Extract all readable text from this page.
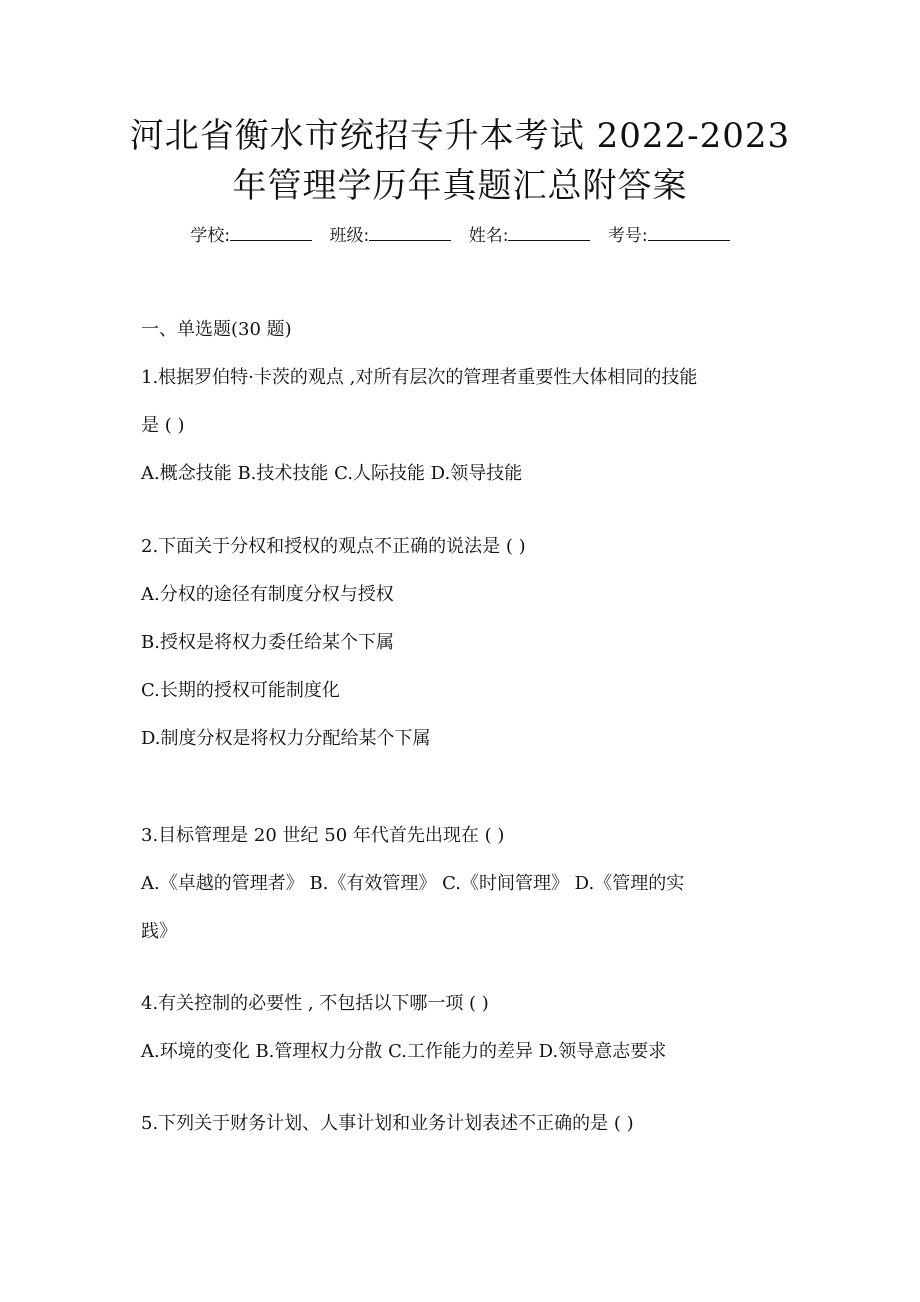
河北省衡水市统招专升本考试 2022-2023
年管理学历年真题汇总附答案
学校:	班级:	姓名:	考号:
一、单选题(30 题)
1.根据罗伯特·卡茨的观点 ,对所有层次的管理者重要性大体相同的技能
是 ( )
A.概念技能 B.技术技能 C.人际技能 D.领导技能
2.下面关于分权和授权的观点不正确的说法是 ( )
A.分权的途径有制度分权与授权
B.授权是将权力委任给某个下属
C.长期的授权可能制度化
D.制度分权是将权力分配给某个下属
3.目标管理是 20 世纪 50 年代首先出现在 ( )
A.《卓越的管理者》 B.《有效管理》 C.《时间管理》 D.《管理的实
践》
4.有关控制的必要性 , 不包括以下哪一项 ( )
A.环境的变化 B.管理权力分散 C.工作能力的差异 D.领导意志要求
5.下列关于财务计划、人事计划和业务计划表述不正确的是 ( )
